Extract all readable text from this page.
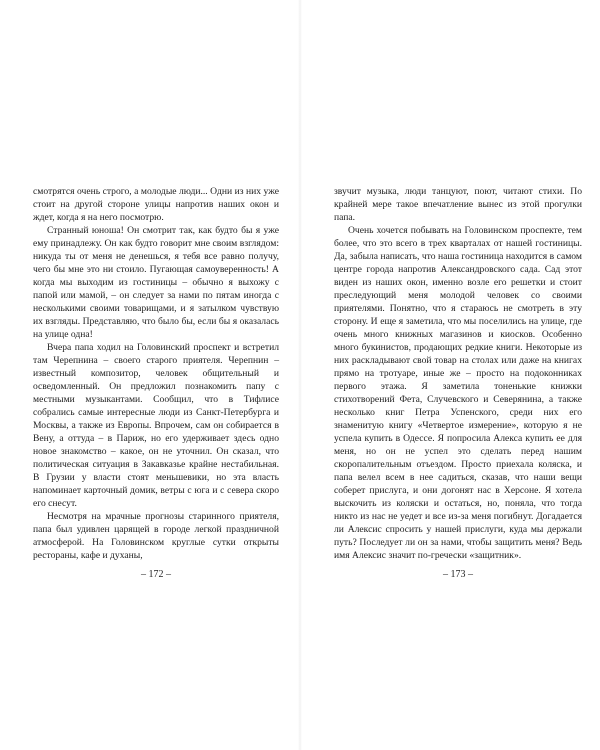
смотрятся очень строго, а молодые люди... Одни из них уже стоит на другой стороне улицы напротив наших окон и ждет, когда я на него посмотрю.

Странный юноша! Он смотрит так, как будто бы я уже ему принадлежу. Он как будто говорит мне своим взглядом: никуда ты от меня не денешься, я тебя все равно получу, чего бы мне это ни стоило. Пугающая самоуверенность! А когда мы выходим из гостиницы – обычно я выхожу с папой или мамой, – он следует за нами по пятам иногда с несколькими своими товарищами, и я затылком чувствую их взгляды. Представляю, что было бы, если бы я оказалась на улице одна!

Вчера папа ходил на Головинский проспект и встретил там Черепнина – своего старого приятеля. Черепнин – известный композитор, человек общительный и осведомленный. Он предложил познакомить папу с местными музыкантами. Сообщил, что в Тифлисе собрались самые интересные люди из Санкт-Петербурга и Москвы, а также из Европы. Впрочем, сам он собирается в Вену, а оттуда – в Париж, но его удерживает здесь одно новое знакомство – какое, он не уточнил. Он сказал, что политическая ситуация в Закавказье крайне нестабильная. В Грузии у власти стоят меньшевики, но эта власть напоминает карточный домик, ветры с юга и с севера скоро его снесут.

Несмотря на мрачные прогнозы старинного приятеля, папа был удивлен царящей в городе легкой праздничной атмосферой. На Головинском круглые сутки открыты рестораны, кафе и духаны,

– 172 –

звучит музыка, люди танцуют, поют, читают стихи. По крайней мере такое впечатление вынес из этой прогулки папа.

Очень хочется побывать на Головинском проспекте, тем более, что это всего в трех кварталах от нашей гостиницы. Да, забыла написать, что наша гостиница находится в самом центре города напротив Александровского сада. Сад этот виден из наших окон, именно возле его решетки и стоит преследующий меня молодой человек со своими приятелями. Понятно, что я стараюсь не смотреть в эту сторону. И еще я заметила, что мы поселились на улице, где очень много книжных магазинов и киосков. Особенно много букинистов, продающих редкие книги. Некоторые из них раскладывают свой товар на столах или даже на книгах прямо на тротуаре, иные же – просто на подоконниках первого этажа. Я заметила тоненькие книжки стихотворений Фета, Случевского и Северянина, а также несколько книг Петра Успенского, среди них его знаменитую книгу «Четвертое измерение», которую я не успела купить в Одессе. Я попросила Алекса купить ее для меня, но он не успел это сделать перед нашим скоропалительным отъездом. Просто приехала коляска, и папа велел всем в нее садиться, сказав, что наши вещи соберет прислуга, и они догонят нас в Херсоне. Я хотела выскочить из коляски и остаться, но, поняла, что тогда никто из нас не уедет и все из-за меня погибнут. Догадается ли Алексис спросить у нашей прислуги, куда мы держали путь? Последует ли он за нами, чтобы защитить меня? Ведь имя Алексис значит по-гречески «защитник».

– 173 –
